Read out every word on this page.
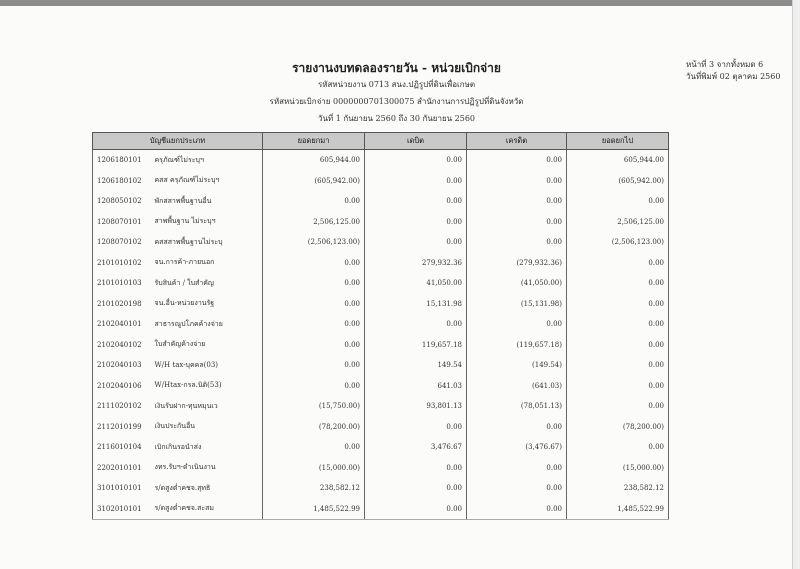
รายงานงบทดลองรายวัน - หน่วยเบิกจ่าย
รหัสหน่วยงาน 0713 สนง.ปฏิรูปที่ดินเพื่อเกษต
รหัสหน่วยเบิกจ่าย 0000000701300075 สำนักงานการปฏิรูปที่ดินจังหวัด
วันที่ 1 กันยายน 2560 ถึง 30 กันยายน 2560
หน้าที่ 3 จากทั้งหมด 6
วันที่พิมพ์ 02 ตุลาคม 2560
บัญชีแยกประเภท		ยอดยกมา	เดบิต	เครดิต	ยอดยกไป
1206180101	ครุภัณฑ์ไม่ระบุฯ	605,944.00	0.00	0.00	605,944.00
1206180102	คสส ครุภัณฑ์ไม่ระบุฯ	(605,942.00)	0.00	0.00	(605,942.00)
1208050102	พักสสาพพื้นฐานอื่น	0.00	0.00	0.00	0.00
1208070101	สาพพื้นฐาน ไม่ระบุฯ	2,506,125.00	0.00	0.00	2,506,125.00
1208070102	คสสสาพพื้นฐานไม่ระบุ	(2,506,123.00)	0.00	0.00	(2,506,123.00)
2101010102	จน.การค้า-ภายนอก	0.00	279,932.36	(279,932.36)	0.00
2101010103	รับสินค้า / ใบสำคัญ	0.00	41,050.00	(41,050.00)	0.00
2101020198	จน.อื่น-หน่วยงานรัฐ	0.00	15,131.98	(15,131.98)	0.00
2102040101	สาธารณูปโภคค้างจ่าย	0.00	0.00	0.00	0.00
2102040102	ใบสำคัญค้างจ่าย	0.00	119,657.18	(119,657.18)	0.00
2102040103	W/H tax-บุคคล(03)	0.00	149.54	(149.54)	0.00
2102040106	W/Htax-กรล.นิติ(53)	0.00	641.03	(641.03)	0.00
2111020102	เงินรับฝาก-ทุนหมุนเว	(15,750.00)	93,801.13	(78,051.13)	0.00
2112010199	เงินประกันอื่น	(78,200.00)	0.00	0.00	(78,200.00)
2116010104	เบิกเกินรอนำส่ง	0.00	3,476.67	(3,476.67)	0.00
2202010101	งทร.รับฯ-ดำเนินงาน	(15,000.00)	0.00	0.00	(15,000.00)
3101010101	ร/ดสูงต่ำคชจ.สุทธิ	238,582.12	0.00	0.00	238,582.12
3102010101	ร/ดสูงต่ำคชจ.สะสม	1,485,522.99	0.00	0.00	1,485,522.99
